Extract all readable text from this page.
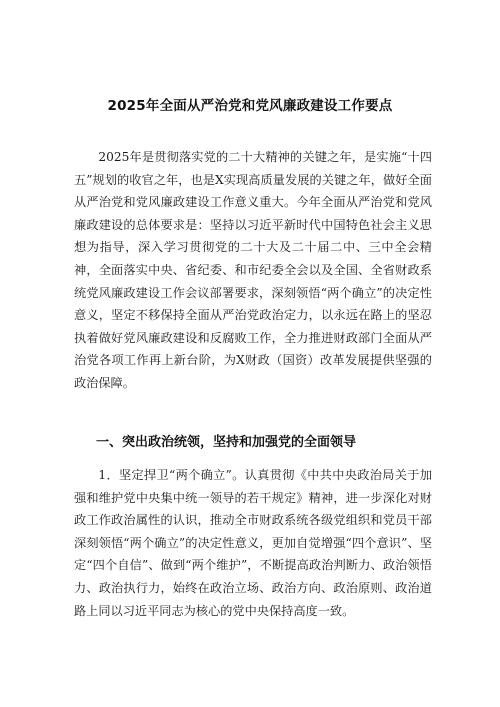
2025年全面从严治党和党风廉政建设工作要点

2025年是贯彻落实党的二十大精神的关键之年，是实施“十四五”规划的收官之年，也是X实现高质量发展的关键之年，做好全面从严治党和党风廉政建设工作意义重大。今年全面从严治党和党风廉政建设的总体要求是：坚持以习近平新时代中国特色社会主义思想为指导，深入学习贯彻党的二十大及二十届二中、三中全会精神，全面落实中央、省纪委、和市纪委全会以及全国、全省财政系统党风廉政建设工作会议部署要求，深刻领悟“两个确立”的决定性意义，坚定不移保持全面从严治党政治定力，以永远在路上的坚忍执着做好党风廉政建设和反腐败工作，全力推进财政部门全面从严治党各项工作再上新台阶，为X财政（国资）改革发展提供坚强的政治保障。

一、突出政治统领，坚持和加强党的全面领导

1．坚定捍卫“两个确立”。认真贯彻《中共中央政治局关于加强和维护党中央集中统一领导的若干规定》精神，进一步深化对财政工作政治属性的认识，推动全市财政系统各级党组织和党员干部深刻领悟“两个确立”的决定性意义，更加自觉增强“四个意识”、坚定“四个自信”、做到“两个维护”，不断提高政治判断力、政治领悟力、政治执行力，始终在政治立场、政治方向、政治原则、政治道路上同以习近平同志为核心的党中央保持高度一致。
